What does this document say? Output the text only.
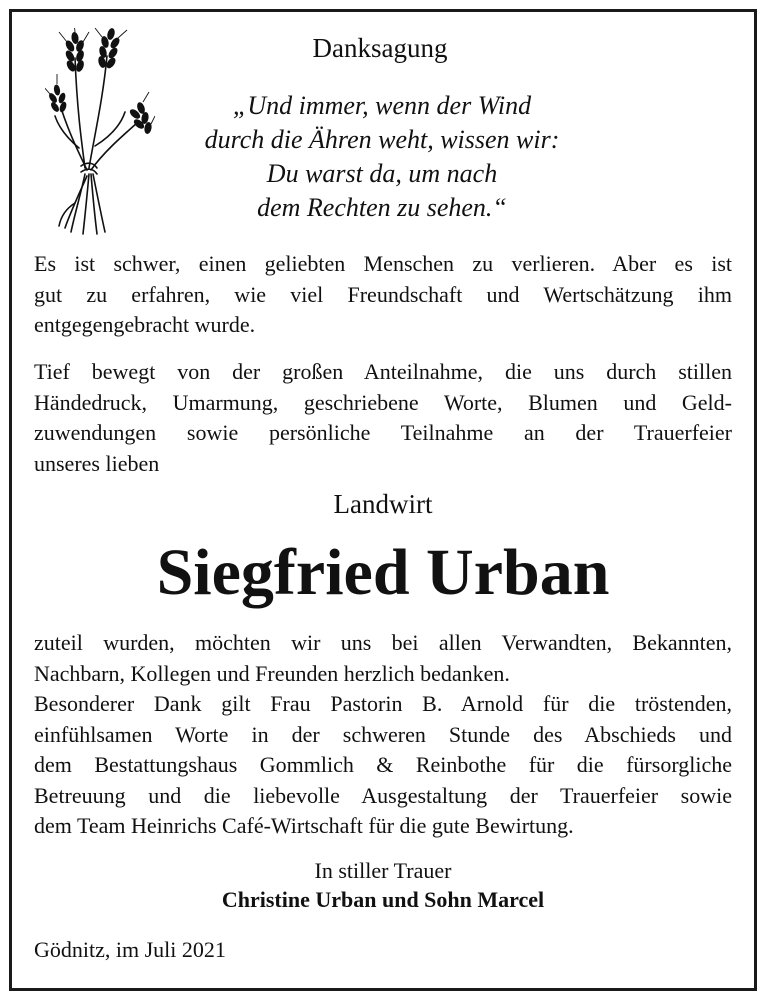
Danksagung
„Und immer, wenn der Wind
durch die Ähren weht, wissen wir:
Du warst da, um nach
dem Rechten zu sehen.“
Es ist schwer, einen geliebten Menschen zu verlieren. Aber es ist
gut zu erfahren, wie viel Freundschaft und Wertschätzung ihm
entgegengebracht wurde.
Tief bewegt von der großen Anteilnahme, die uns durch stillen
Händedruck, Umarmung, geschriebene Worte, Blumen und Geld-
zuwendungen sowie persönliche Teilnahme an der Trauerfeier
unseres lieben
Landwirt
Siegfried Urban
zuteil wurden, möchten wir uns bei allen Verwandten, Bekannten,
Nachbarn, Kollegen und Freunden herzlich bedanken.
Besonderer Dank gilt Frau Pastorin B. Arnold für die tröstenden,
einfühlsamen Worte in der schweren Stunde des Abschieds und
dem Bestattungshaus Gommlich & Reinbothe für die fürsorgliche
Betreuung und die liebevolle Ausgestaltung der Trauerfeier sowie
dem Team Heinrichs Café-Wirtschaft für die gute Bewirtung.
In stiller Trauer
Christine Urban und Sohn Marcel
Gödnitz, im Juli 2021
